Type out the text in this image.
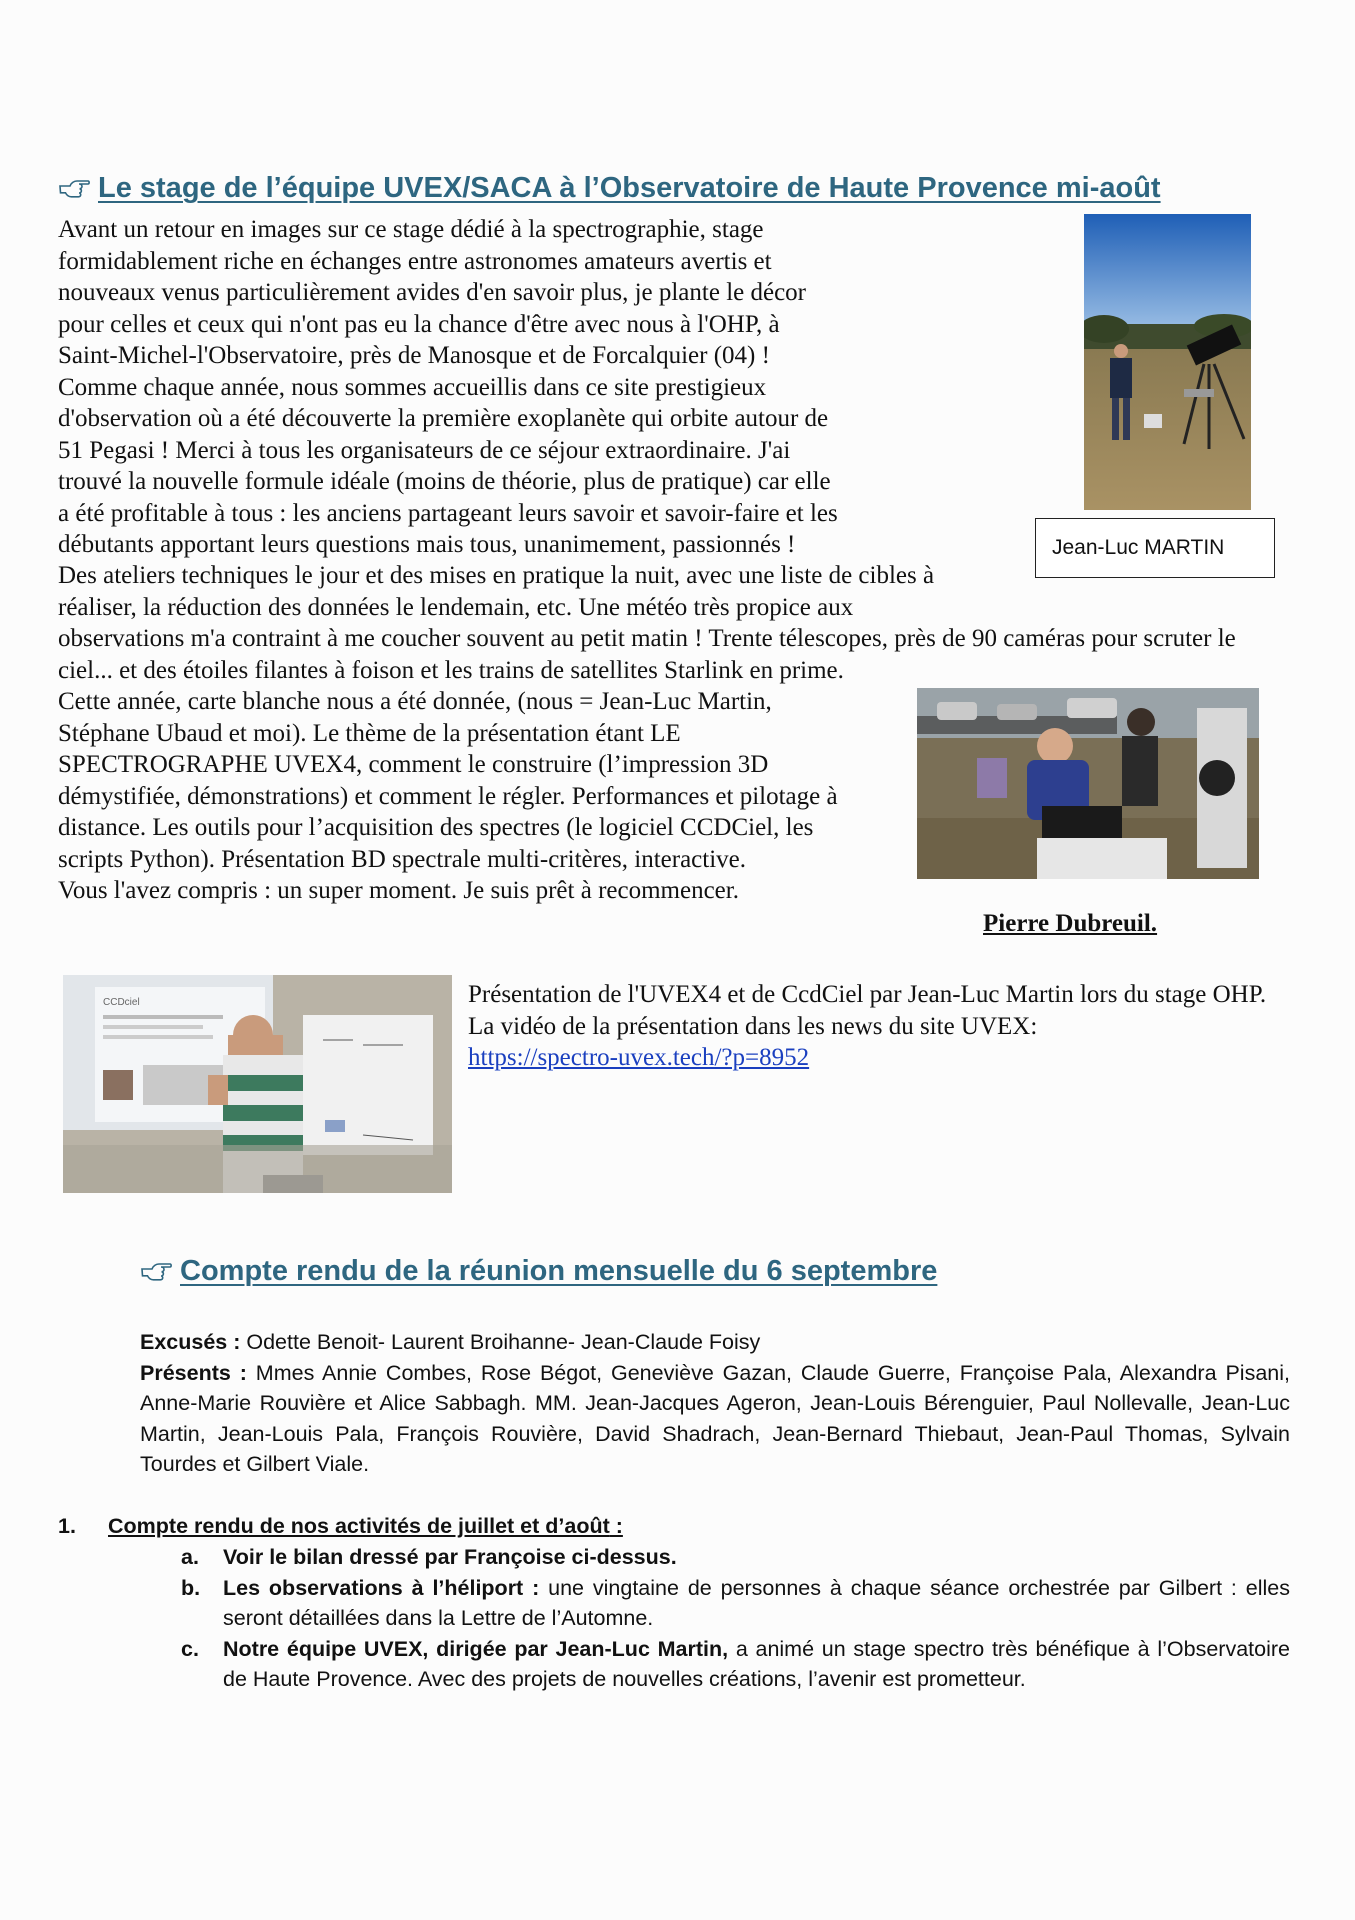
Le stage de l’équipe UVEX/SACA à l’Observatoire de Haute Provence mi-août

Avant un retour en images sur ce stage dédié à la spectrographie, stage formidablement riche en échanges entre astronomes amateurs avertis et nouveaux venus particulièrement avides d'en savoir plus, je plante le décor pour celles et ceux qui n'ont pas eu la chance d'être avec nous à l'OHP, à Saint-Michel-l'Observatoire, près de Manosque et de Forcalquier (04) !

Comme chaque année, nous sommes accueillis dans ce site prestigieux d'observation où a été découverte la première exoplanète qui orbite autour de 51 Pegasi ! Merci à tous les organisateurs de ce séjour extraordinaire. J'ai trouvé la nouvelle formule idéale (moins de théorie, plus de pratique) car elle a été profitable à tous : les anciens partageant leurs savoir et savoir-faire et les débutants apportant leurs questions mais tous, unanimement, passionnés !

Des ateliers techniques le jour et des mises en pratique la nuit, avec une liste de cibles à réaliser, la réduction des données le lendemain, etc. Une météo très propice aux observations m'a contraint à me coucher souvent au petit matin ! Trente télescopes, près de 90 caméras pour scruter le ciel... et des étoiles filantes à foison et les trains de satellites Starlink en prime.

Cette année, carte blanche nous a été donnée, (nous = Jean-Luc Martin, Stéphane Ubaud et moi). Le thème de la présentation étant LE SPECTROGRAPHE UVEX4, comment le construire (l’impression 3D démystifiée, démonstrations) et comment le régler. Performances et pilotage à distance. Les outils pour l’acquisition des spectres (le logiciel CCDCiel, les scripts Python). Présentation BD spectrale multi-critères, interactive.

Vous l'avez compris : un super moment. Je suis prêt à recommencer.

Jean-Luc MARTIN
Pierre Dubreuil.
CCDciel	Présentation de l'UVEX4 et de CcdCiel par Jean-Luc Martin lors du stage OHP. La vidéo de la présentation dans les news du site UVEX:
https://spectro-uvex.tech/?p=8952

Compte rendu de la réunion mensuelle du 6 septembre

Excusés : Odette Benoit- Laurent Broihanne- Jean-Claude Foisy

Présents : Mmes Annie Combes, Rose Bégot, Geneviève Gazan, Claude Guerre, Françoise Pala, Alexandra Pisani, Anne-Marie Rouvière et Alice Sabbagh. MM. Jean-Jacques Ageron, Jean-Louis Bérenguier, Paul Nollevalle, Jean-Luc Martin, Jean-Louis Pala, François Rouvière, David Shadrach, Jean-Bernard Thiebaut, Jean-Paul Thomas, Sylvain Tourdes et Gilbert Viale.

1. Compte rendu de nos activités de juillet et d’août :
a. Voir le bilan dressé par Françoise ci-dessus.
b. Les observations à l’héliport : une vingtaine de personnes à chaque séance orchestrée par Gilbert : elles seront détaillées dans la Lettre de l’Automne.
c. Notre équipe UVEX, dirigée par Jean-Luc Martin, a animé un stage spectro très bénéfique à l’Observatoire de Haute Provence. Avec des projets de nouvelles créations, l’avenir est prometteur.
